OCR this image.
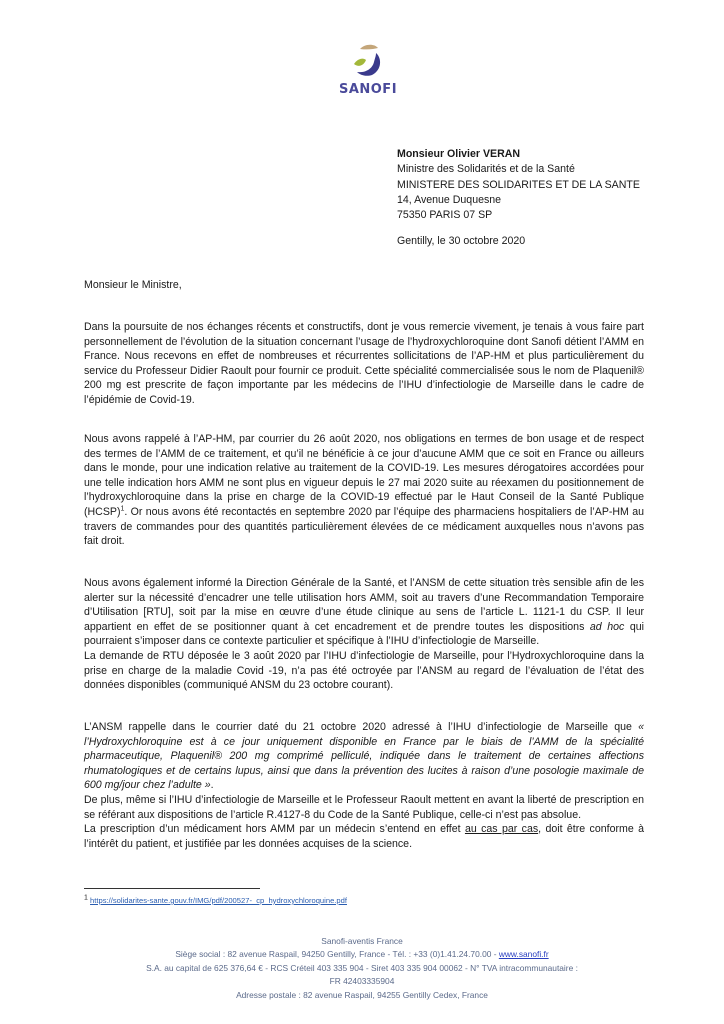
SANOFI
Monsieur Olivier VERAN
Ministre des Solidarités et de la Santé
MINISTERE DES SOLIDARITES ET DE LA SANTE
14, Avenue Duquesne
75350 PARIS 07 SP
Gentilly, le 30 octobre 2020
Monsieur le Ministre,

Dans la poursuite de nos échanges récents et constructifs, dont je vous remercie vivement, je tenais à vous faire part personnellement de l’évolution de la situation concernant l’usage de l’hydroxychloroquine dont Sanofi détient l’AMM en France. Nous recevons en effet de nombreuses et récurrentes sollicitations de l’AP-HM et plus particulièrement du service du Professeur Didier Raoult pour fournir ce produit. Cette spécialité commercialisée sous le nom de Plaquenil® 200 mg est prescrite de façon importante par les médecins de l’IHU d’infectiologie de Marseille dans le cadre de l’épidémie de Covid-19.

Nous avons rappelé à l’AP-HM, par courrier du 26 août 2020, nos obligations en termes de bon usage et de respect des termes de l’AMM de ce traitement, et qu’il ne bénéficie à ce jour d’aucune AMM que ce soit en France ou ailleurs dans le monde, pour une indication relative au traitement de la COVID-19. Les mesures dérogatoires accordées pour une telle indication hors AMM ne sont plus en vigueur depuis le 27 mai 2020 suite au réexamen du positionnement de l’hydroxychloroquine dans la prise en charge de la COVID-19 effectué par le Haut Conseil de la Santé Publique (HCSP)$^1$. Or nous avons été recontactés en septembre 2020 par l’équipe des pharmaciens hospitaliers de l’AP-HM au travers de commandes pour des quantités particulièrement élevées de ce médicament auxquelles nous n’avons pas fait droit.

Nous avons également informé la Direction Générale de la Santé, et l’ANSM de cette situation très sensible afin de les alerter sur la nécessité d’encadrer une telle utilisation hors AMM, soit au travers d’une Recommandation Temporaire d’Utilisation [RTU], soit par la mise en œuvre d’une étude clinique au sens de l’article L. 1121-1 du CSP. Il leur appartient en effet de se positionner quant à cet encadrement et de prendre toutes les dispositions ad hoc qui pourraient s’imposer dans ce contexte particulier et spécifique à l’IHU d’infectiologie de Marseille.

La demande de RTU déposée le 3 août 2020 par l’IHU d’infectiologie de Marseille, pour l’Hydroxychloroquine dans la prise en charge de la maladie Covid -19, n’a pas été octroyée par l’ANSM au regard de l’évaluation de l’état des données disponibles (communiqué ANSM du 23 octobre courant).

L’ANSM rappelle dans le courrier daté du 21 octobre 2020 adressé à l’IHU d’infectiologie de Marseille que « l’Hydroxychloroquine est à ce jour uniquement disponible en France par le biais de l’AMM de la spécialité pharmaceutique, Plaquenil® 200 mg comprimé pelliculé, indiquée dans le traitement de certaines affections rhumatologiques et de certains lupus, ainsi que dans la prévention des lucites à raison d’une posologie maximale de 600 mg/jour chez l’adulte ».

De plus, même si l’IHU d’infectiologie de Marseille et le Professeur Raoult mettent en avant la liberté de prescription en se référant aux dispositions de l’article R.4127-8 du Code de la Santé Publique, celle-ci n’est pas absolue.

La prescription d’un médicament hors AMM par un médecin s’entend en effet au cas par cas, doit être conforme à l’intérêt du patient, et justifiée par les données acquises de la science.

$^1$ https://solidarites-sante.gouv.fr/IMG/pdf/200527-_cp_hydroxychloroquine.pdf
Sanofi-aventis France
Siège social : 82 avenue Raspail, 94250 Gentilly, France - Tél. : +33 (0)1.41.24.70.00 - www.sanofi.fr
S.A. au capital de 625 376,64 € - RCS Créteil 403 335 904 - Siret 403 335 904 00062 - N° TVA intracommunautaire :
FR 42403335904
Adresse postale : 82 avenue Raspail, 94255 Gentilly Cedex, France
